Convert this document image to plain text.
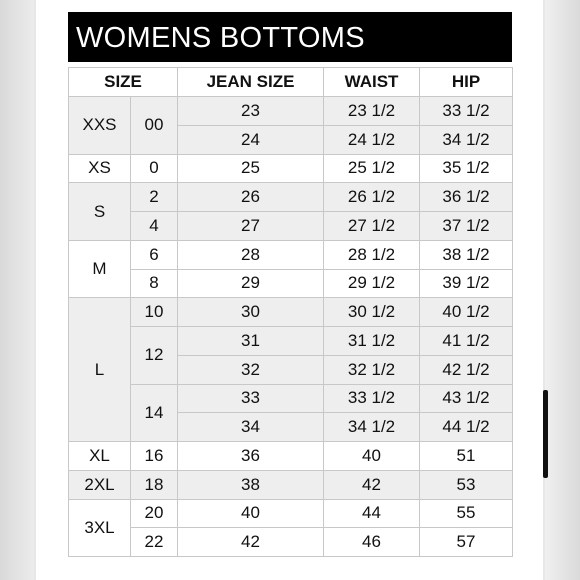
WOMENS BOTTOMS
SIZE		JEAN SIZE	WAIST	HIP
XXS	00	23	23 1/2	33 1/2
		24	24 1/2	34 1/2
XS	0	25	25 1/2	35 1/2
S	2	26	26 1/2	36 1/2
	4	27	27 1/2	37 1/2
M	6	28	28 1/2	38 1/2
	8	29	29 1/2	39 1/2
L	10	30	30 1/2	40 1/2
	12	31	31 1/2	41 1/2
		32	32 1/2	42 1/2
	14	33	33 1/2	43 1/2
		34	34 1/2	44 1/2
XL	16	36	40	51
2XL	18	38	42	53
3XL	20	40	44	55
	22	42	46	57
